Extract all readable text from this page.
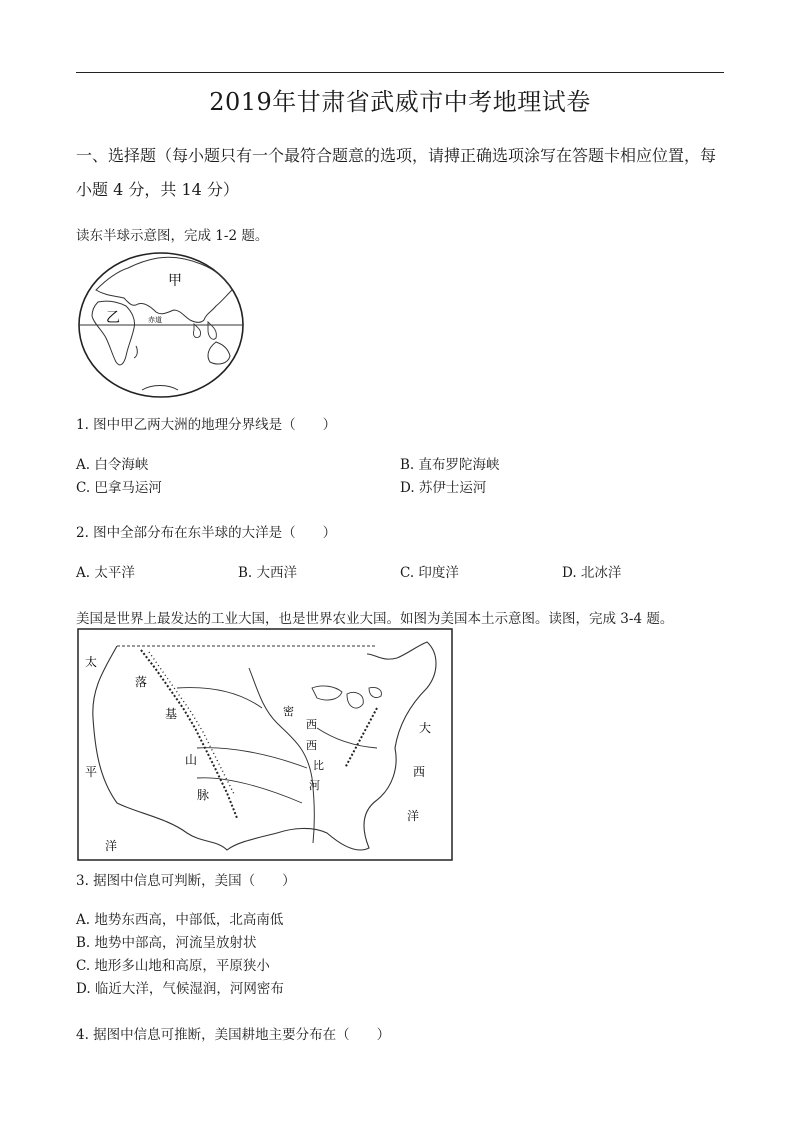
2019年甘肃省武威市中考地理试卷
一、选择题（每小题只有一个最符合题意的选项，请搏正确选项涂写在答题卡相应位置，每
小题 4 分，共 14 分）
读东半球示意图，完成 1-2 题。
甲
乙	赤道
1. 图中甲乙两大洲的地理分界线是（　　）
A. 白令海峡	B. 直布罗陀海峡
C. 巴拿马运河	D. 苏伊士运河
2. 图中全部分布在东半球的大洋是（　　）
A. 太平洋	B. 大西洋	C. 印度洋	D. 北冰洋
美国是世界上最发达的工业大国，也是世界农业大国。如图为美国本土示意图。读图，完成 3-4 题。
太
平
洋
落
基
山
脉
密
西
西
比
河
大
西
洋
3. 据图中信息可判断，美国（　　）
A. 地势东西高，中部低，北高南低
B. 地势中部高，河流呈放射状
C. 地形多山地和高原，平原狭小
D. 临近大洋，气候湿润，河网密布
4. 据图中信息可推断，美国耕地主要分布在（　　）
